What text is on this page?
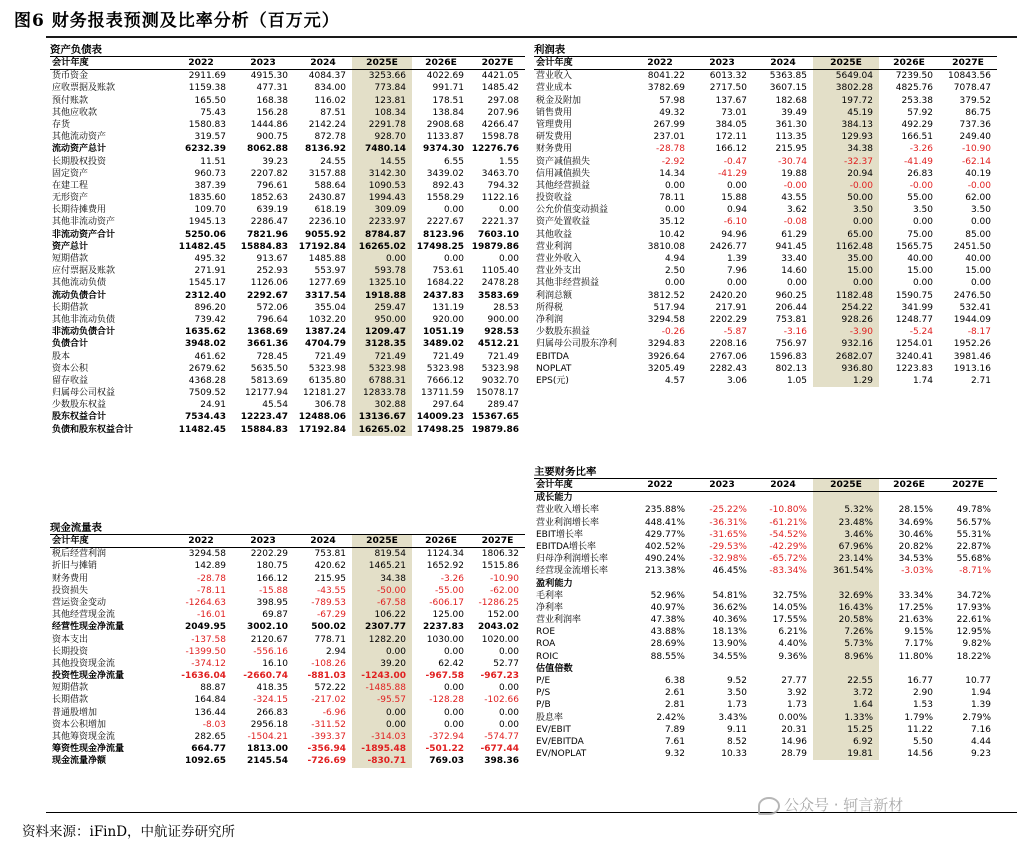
图6 财务报表预测及比率分析（百万元）
资产负债表
会计年度	2022	2023	2024	2025E	2026E	2027E
货币资金	2911.69	4915.30	4084.37	3253.66	4022.69	4421.05
应收票据及账款	1159.38	477.31	834.00	773.84	991.71	1485.42
预付账款	165.50	168.38	116.02	123.81	178.51	297.08
其他应收款	75.43	156.28	87.51	108.34	138.84	207.96
存货	1580.83	1444.86	2142.24	2291.78	2908.68	4266.47
其他流动资产	319.57	900.75	872.78	928.70	1133.87	1598.78
流动资产总计	6232.39	8062.88	8136.92	7480.14	9374.30	12276.76
长期股权投资	11.51	39.23	24.55	14.55	6.55	1.55
固定资产	960.73	2207.82	3157.88	3142.30	3439.02	3463.70
在建工程	387.39	796.61	588.64	1090.53	892.43	794.32
无形资产	1835.60	1852.63	2430.87	1994.43	1558.29	1122.16
长期待摊费用	109.70	639.19	618.19	309.09	0.00	0.00
其他非流动资产	1945.13	2286.47	2236.10	2233.97	2227.67	2221.37
非流动资产合计	5250.06	7821.96	9055.92	8784.87	8123.96	7603.10
资产总计	11482.45	15884.83	17192.84	16265.02	17498.25	19879.86
短期借款	495.32	913.67	1485.88	0.00	0.00	0.00
应付票据及账款	271.91	252.93	553.97	593.78	753.61	1105.40
其他流动负债	1545.17	1126.06	1277.69	1325.10	1684.22	2478.28
流动负债合计	2312.40	2292.67	3317.54	1918.88	2437.83	3583.69
长期借款	896.20	572.06	355.04	259.47	131.19	28.53
其他非流动负债	739.42	796.64	1032.20	950.00	920.00	900.00
非流动负债合计	1635.62	1368.69	1387.24	1209.47	1051.19	928.53
负债合计	3948.02	3661.36	4704.79	3128.35	3489.02	4512.21
股本	461.62	728.45	721.49	721.49	721.49	721.49
资本公积	2679.62	5635.50	5323.98	5323.98	5323.98	5323.98
留存收益	4368.28	5813.69	6135.80	6788.31	7666.12	9032.70
归属母公司权益	7509.52	12177.94	12181.27	12833.78	13711.59	15078.17
少数股东权益	24.91	45.54	306.78	302.88	297.64	289.47
股东权益合计	7534.43	12223.47	12488.06	13136.67	14009.23	15367.65
负债和股东权益合计	11482.45	15884.83	17192.84	16265.02	17498.25	19879.86
现金流量表
会计年度	2022	2023	2024	2025E	2026E	2027E
税后经营利润	3294.58	2202.29	753.81	819.54	1124.34	1806.32
折旧与摊销	142.89	180.75	420.62	1465.21	1652.92	1515.86
财务费用	-28.78	166.12	215.95	34.38	-3.26	-10.90
投资损失	-78.11	-15.88	-43.55	-50.00	-55.00	-62.00
营运资金变动	-1264.63	398.95	-789.53	-67.58	-606.17	-1286.25
其他经营现金流	-16.01	69.87	-67.29	106.22	125.00	152.00
经营性现金净流量	2049.95	3002.10	500.02	2307.77	2237.83	2043.02
资本支出	-137.58	2120.67	778.71	1282.20	1030.00	1020.00
长期投资	-1399.50	-556.16	2.94	0.00	0.00	0.00
其他投资现金流	-374.12	16.10	-108.26	39.20	62.42	52.77
投资性现金净流量	-1636.04	-2660.74	-881.03	-1243.00	-967.58	-967.23
短期借款	88.87	418.35	572.22	-1485.88	0.00	0.00
长期借款	164.84	-324.15	-217.02	-95.57	-128.28	-102.66
普通股增加	136.44	266.83	-6.96	0.00	0.00	0.00
资本公积增加	-8.03	2956.18	-311.52	0.00	0.00	0.00
其他筹资现金流	282.65	-1504.21	-393.37	-314.03	-372.94	-574.77
筹资性现金净流量	664.77	1813.00	-356.94	-1895.48	-501.22	-677.44
现金流量净额	1092.65	2145.54	-726.69	-830.71	769.03	398.36
利润表
会计年度	2022	2023	2024	2025E	2026E	2027E
营业收入	8041.22	6013.32	5363.85	5649.04	7239.50	10843.56
营业成本	3782.69	2717.50	3607.15	3802.28	4825.76	7078.47
税金及附加	57.98	137.67	182.68	197.72	253.38	379.52
销售费用	49.32	73.01	39.49	45.19	57.92	86.75
管理费用	267.99	384.05	361.30	384.13	492.29	737.36
研发费用	237.01	172.11	113.35	129.93	166.51	249.40
财务费用	-28.78	166.12	215.95	34.38	-3.26	-10.90
资产减值损失	-2.92	-0.47	-30.74	-32.37	-41.49	-62.14
信用减值损失	14.34	-41.29	19.88	20.94	26.83	40.19
其他经营损益	0.00	0.00	-0.00	-0.00	-0.00	-0.00
投资收益	78.11	15.88	43.55	50.00	55.00	62.00
公允价值变动损益	0.00	0.94	3.62	3.50	3.50	3.50
资产处置收益	35.12	-6.10	-0.08	0.00	0.00	0.00
其他收益	10.42	94.96	61.29	65.00	75.00	85.00
营业利润	3810.08	2426.77	941.45	1162.48	1565.75	2451.50
营业外收入	4.94	1.39	33.40	35.00	40.00	40.00
营业外支出	2.50	7.96	14.60	15.00	15.00	15.00
其他非经营损益	0.00	0.00	0.00	0.00	0.00	0.00
利润总额	3812.52	2420.20	960.25	1182.48	1590.75	2476.50
所得税	517.94	217.91	206.44	254.22	341.99	532.41
净利润	3294.58	2202.29	753.81	928.26	1248.77	1944.09
少数股东损益	-0.26	-5.87	-3.16	-3.90	-5.24	-8.17
归属母公司股东净利	3294.83	2208.16	756.97	932.16	1254.01	1952.26
EBITDA	3926.64	2767.06	1596.83	2682.07	3240.41	3981.46
NOPLAT	3205.49	2282.43	802.13	936.80	1223.83	1913.16
EPS(元)	4.57	3.06	1.05	1.29	1.74	2.71
主要财务比率
会计年度	2022	2023	2024	2025E	2026E	2027E
成长能力						
营业收入增长率	235.88%	-25.22%	-10.80%	5.32%	28.15%	49.78%
营业利润增长率	448.41%	-36.31%	-61.21%	23.48%	34.69%	56.57%
EBIT增长率	429.77%	-31.65%	-54.52%	3.46%	30.46%	55.31%
EBITDA增长率	402.52%	-29.53%	-42.29%	67.96%	20.82%	22.87%
归母净利润增长率	490.24%	-32.98%	-65.72%	23.14%	34.53%	55.68%
经营现金流增长率	213.38%	46.45%	-83.34%	361.54%	-3.03%	-8.71%
盈利能力						
毛利率	52.96%	54.81%	32.75%	32.69%	33.34%	34.72%
净利率	40.97%	36.62%	14.05%	16.43%	17.25%	17.93%
营业利润率	47.38%	40.36%	17.55%	20.58%	21.63%	22.61%
ROE	43.88%	18.13%	6.21%	7.26%	9.15%	12.95%
ROA	28.69%	13.90%	4.40%	5.73%	7.17%	9.82%
ROIC	88.55%	34.55%	9.36%	8.96%	11.80%	18.22%
估值倍数						
P/E	6.38	9.52	27.77	22.55	16.77	10.77
P/S	2.61	3.50	3.92	3.72	2.90	1.94
P/B	2.81	1.73	1.73	1.64	1.53	1.39
股息率	2.42%	3.43%	0.00%	1.33%	1.79%	2.79%
EV/EBIT	7.89	9.11	20.31	15.25	11.22	7.16
EV/EBITDA	7.61	8.52	14.96	6.92	5.50	4.44
EV/NOPLAT	9.32	10.33	28.79	19.81	14.56	9.23
资料来源：iFinD，中航证券研究所
公众号 · 轲言新材
